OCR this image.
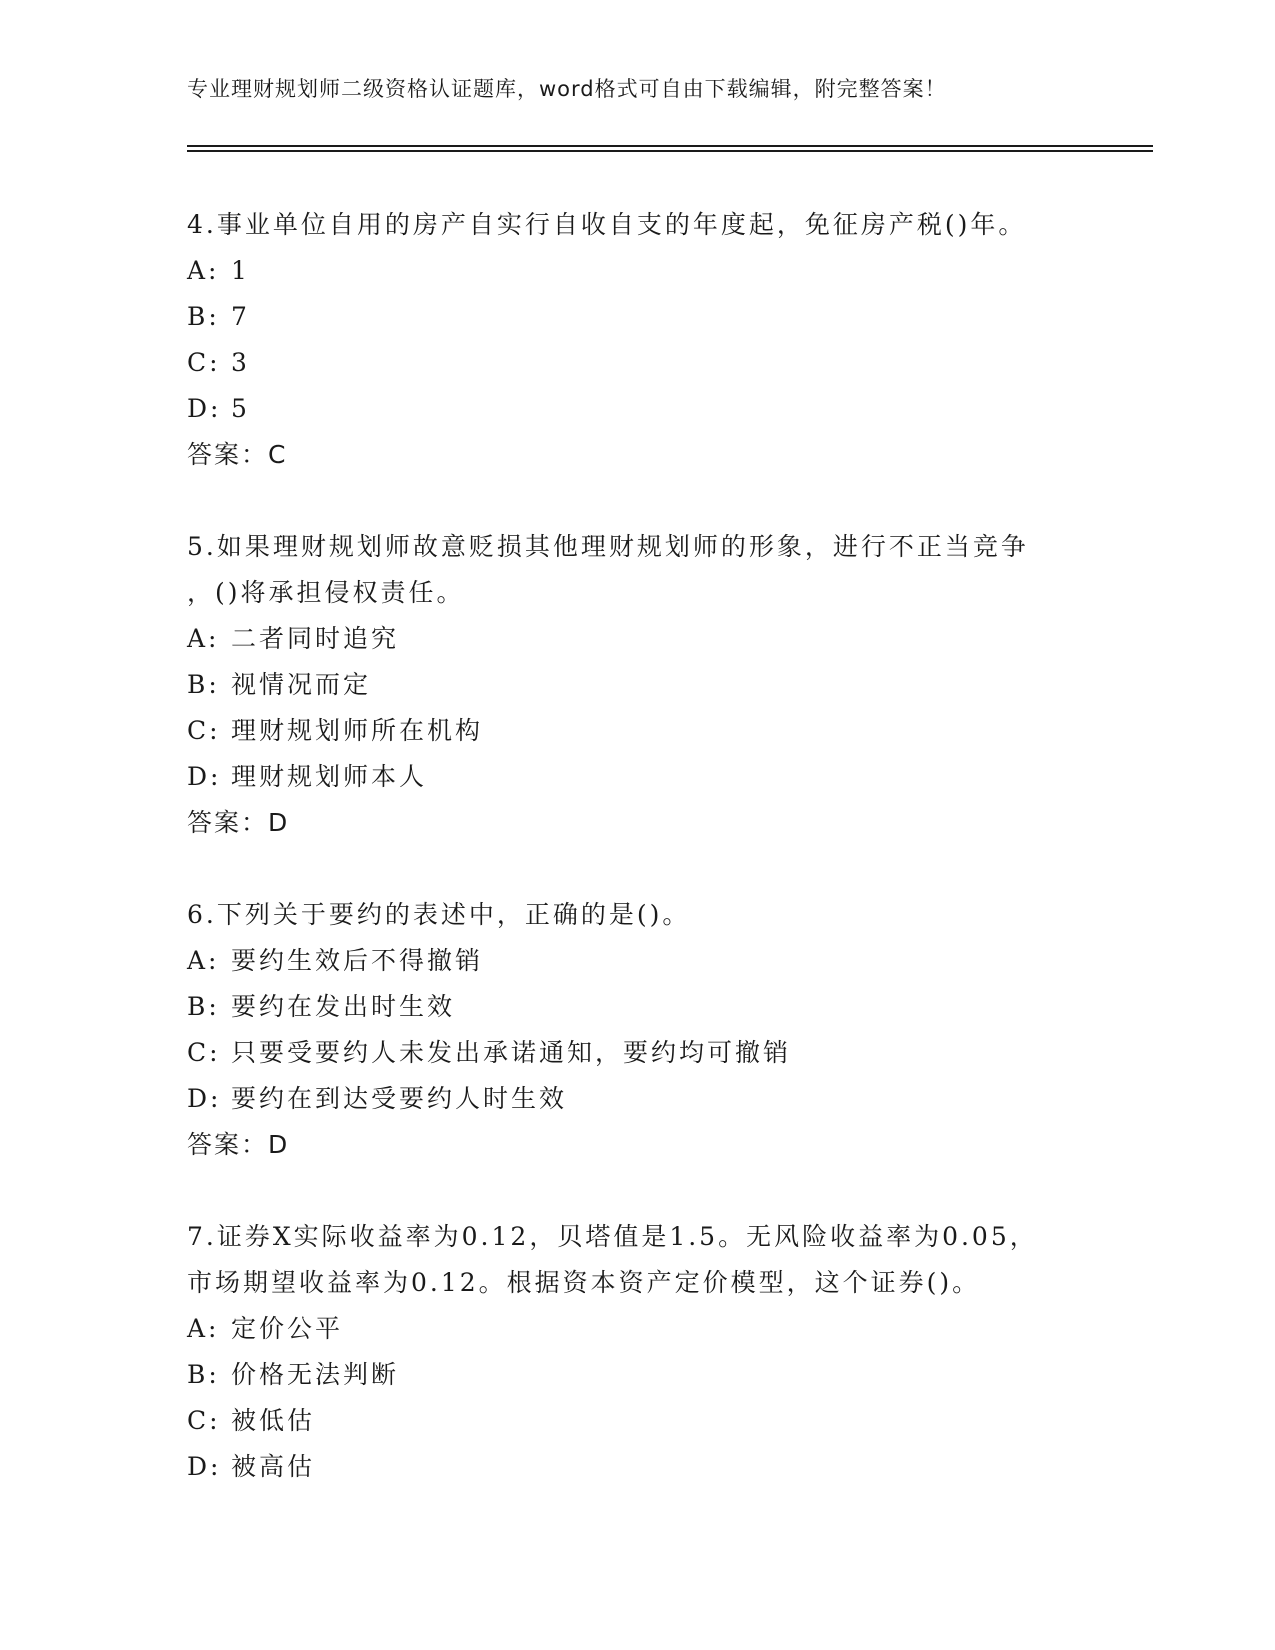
专业理财规划师二级资格认证题库，word格式可自由下载编辑，附完整答案！
4.事业单位自用的房产自实行自收自支的年度起，免征房产税()年。
A: 1
B: 7
C: 3
D: 5
答案：C
5.如果理财规划师故意贬损其他理财规划师的形象，进行不正当竞争
，()将承担侵权责任。
A: 二者同时追究
B: 视情况而定
C: 理财规划师所在机构
D: 理财规划师本人
答案：D
6.下列关于要约的表述中，正确的是()。
A: 要约生效后不得撤销
B: 要约在发出时生效
C: 只要受要约人未发出承诺通知，要约均可撤销
D: 要约在到达受要约人时生效
答案：D
7.证券X实际收益率为0.12，贝塔值是1.5。无风险收益率为0.05，
市场期望收益率为0.12。根据资本资产定价模型，这个证券()。
A: 定价公平
B: 价格无法判断
C: 被低估
D: 被高估
